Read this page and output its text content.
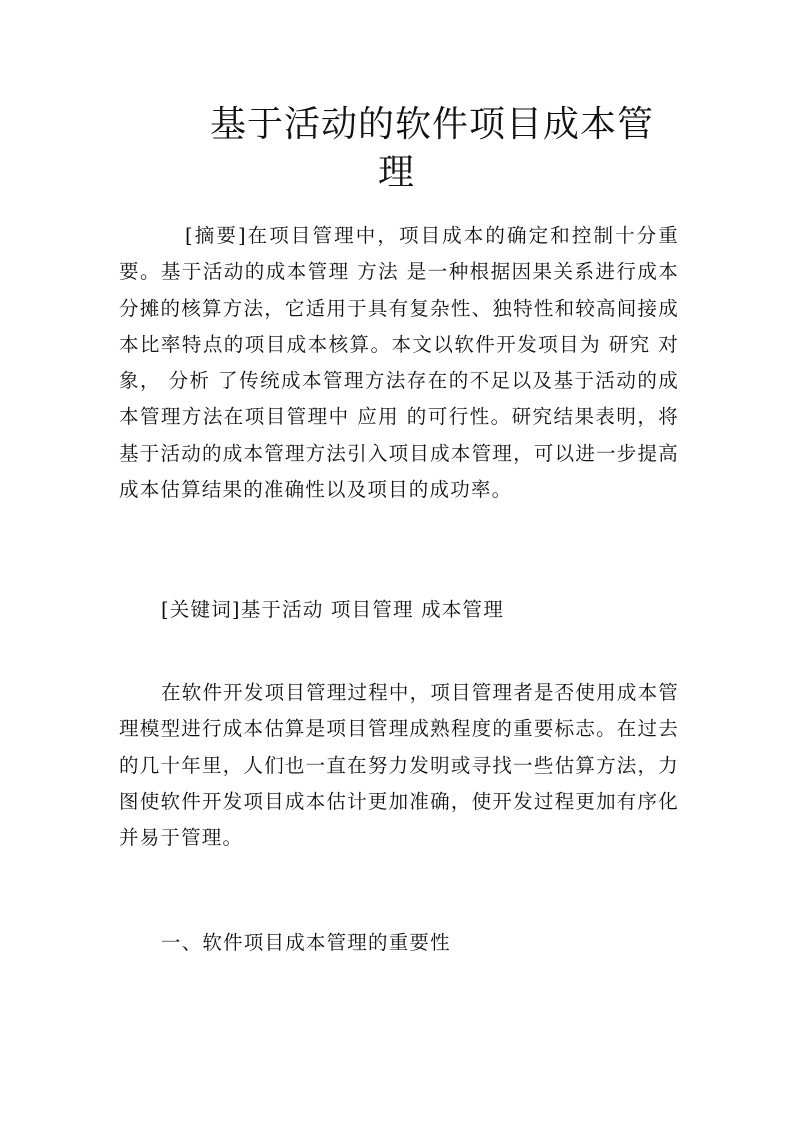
基于活动的软件项目成本管
理

[摘要]在项目管理中，项目成本的确定和控制十分重要。基于活动的成本管理 方法 是一种根据因果关系进行成本分摊的核算方法，它适用于具有复杂性、独特性和较高间接成本比率特点的项目成本核算。本文以软件开发项目为 研究 对象， 分析 了传统成本管理方法存在的不足以及基于活动的成本管理方法在项目管理中 应用 的可行性。研究结果表明，将基于活动的成本管理方法引入项目成本管理，可以进一步提高成本估算结果的准确性以及项目的成功率。

[关键词]基于活动 项目管理 成本管理

在软件开发项目管理过程中，项目管理者是否使用成本管理模型进行成本估算是项目管理成熟程度的重要标志。在过去的几十年里，人们也一直在努力发明或寻找一些估算方法，力图使软件开发项目成本估计更加准确，使开发过程更加有序化并易于管理。

一、软件项目成本管理的重要性
